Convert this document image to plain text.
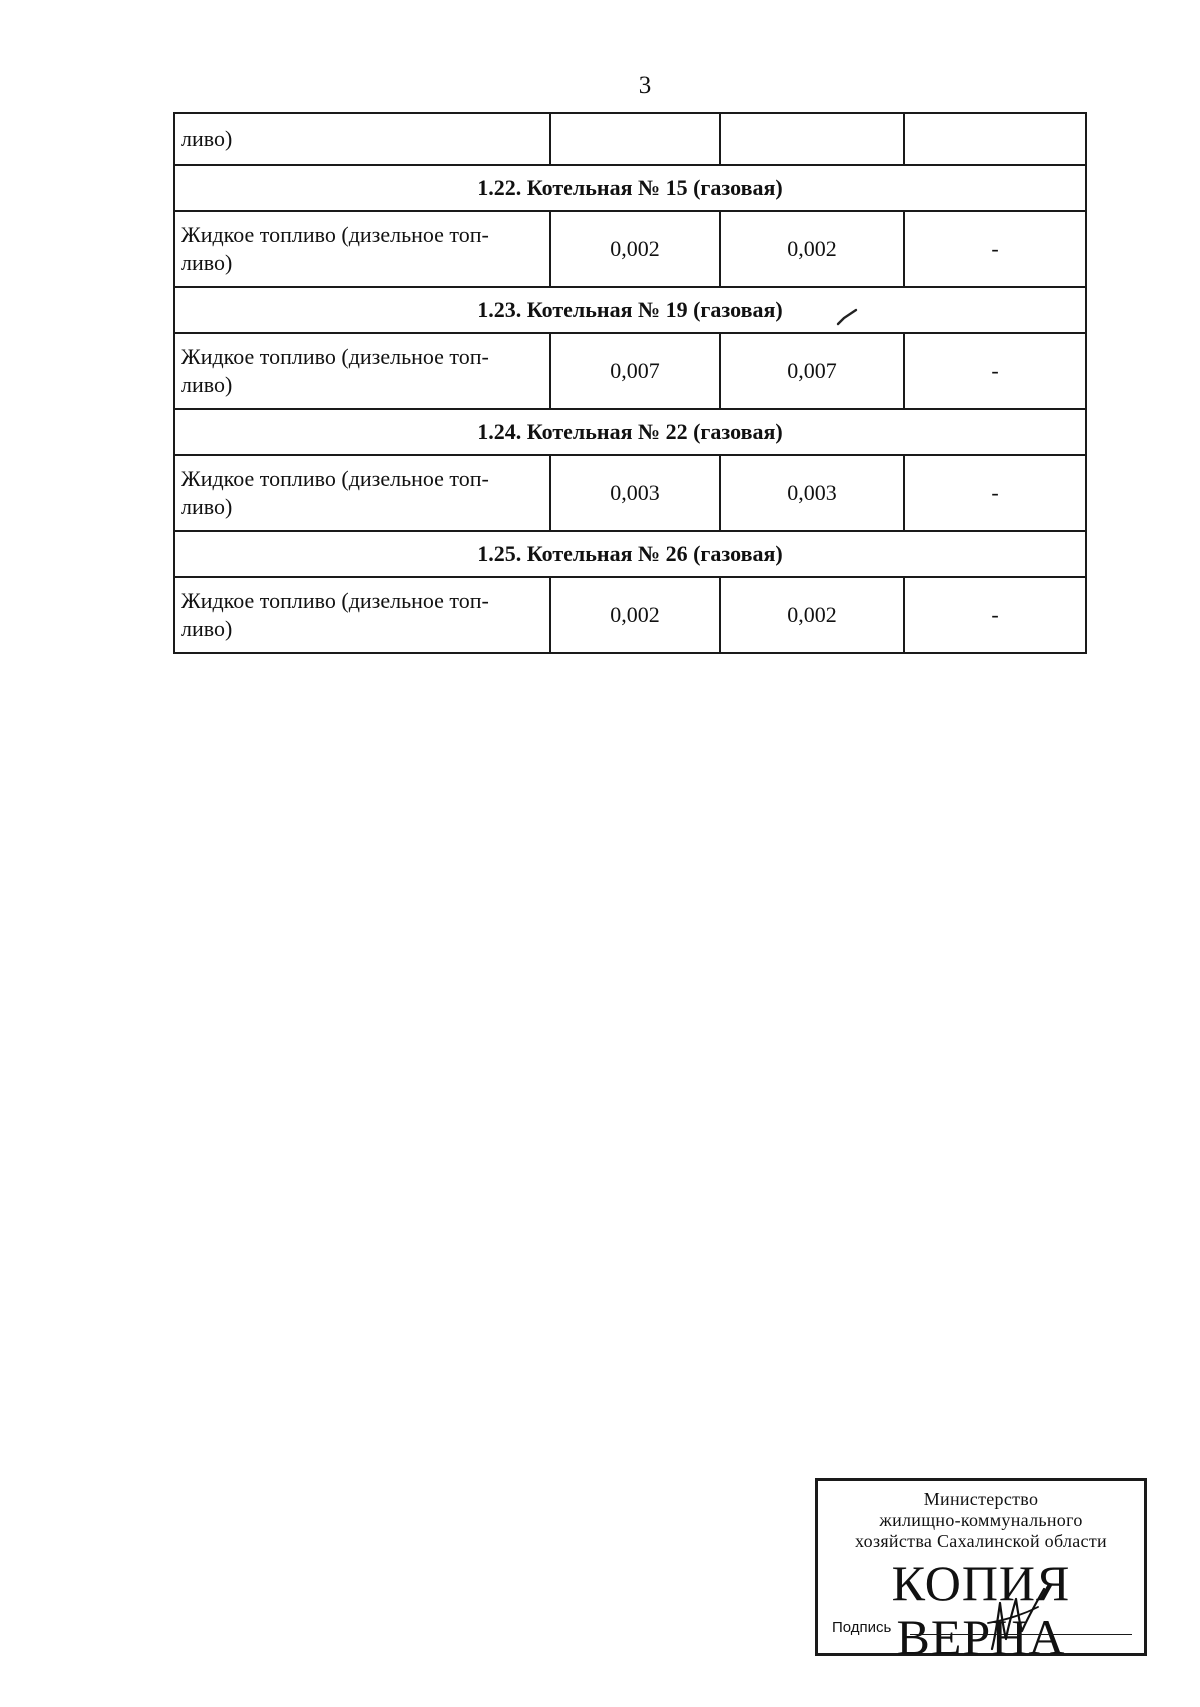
3
ливо)			
1.22. Котельная № 15 (газовая)			
Жидкое топливо (дизельное топ-
ливо)	0,002	0,002	-
1.23. Котельная № 19 (газовая)			
Жидкое топливо (дизельное топ-
ливо)	0,007	0,007	-
1.24. Котельная № 22 (газовая)			
Жидкое топливо (дизельное топ-
ливо)	0,003	0,003	-
1.25. Котельная № 26 (газовая)			
Жидкое топливо (дизельное топ-
ливо)	0,002	0,002	-
Министерство
жилищно-коммунального
хозяйства Сахалинской области
КОПИЯ ВЕРНА
Подпись
